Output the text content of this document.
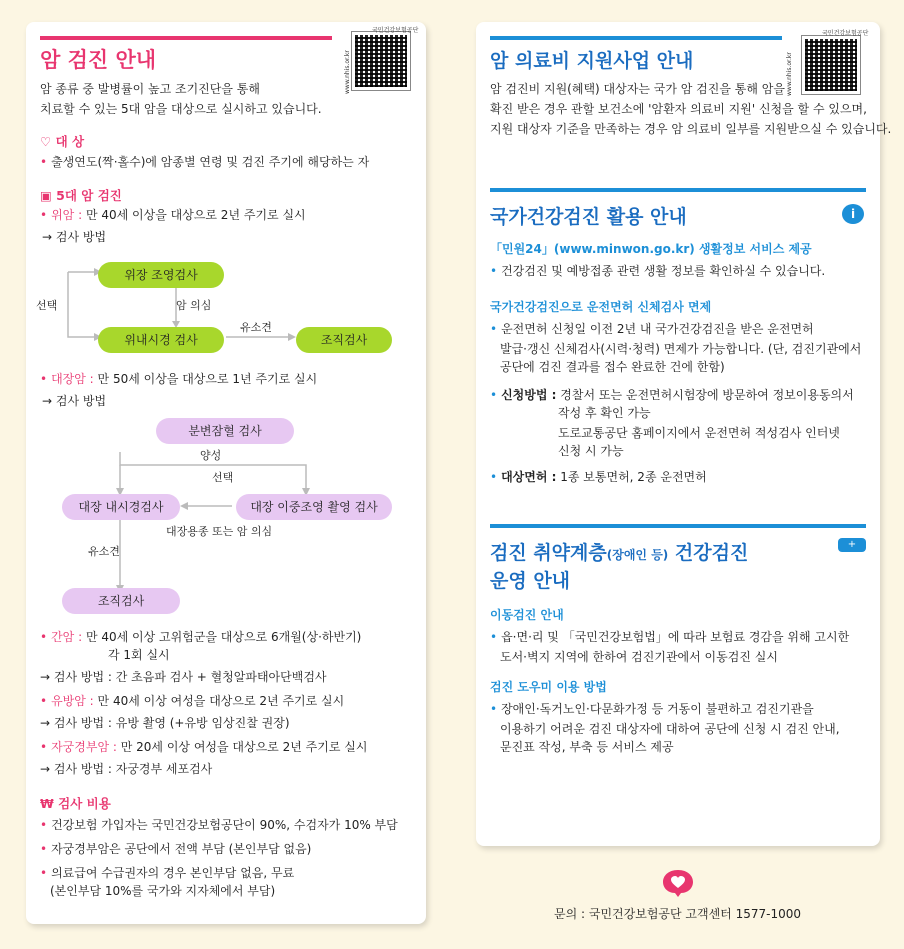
암 검진 안내
국민건강보험공단
www.nhis.or.kr
암 종류 중 발병률이 높고 조기진단을 통해
치료할 수 있는 5대 암을 대상으로 실시하고 있습니다.
♡ 대 상
• 출생연도(짝·홀수)에 암종별 연령 및 검진 주기에 해당하는 자
▣ 5대 암 검진
• 위암 : 만 40세 이상을 대상으로 2년 주기로 실시
→ 검사 방법
위장 조영검사
선택	암 의심
위내시경 검사
유소견
조직검사
• 대장암 : 만 50세 이상을 대상으로 1년 주기로 실시
→ 검사 방법
분변잠혈 검사
양성
선택
대장 내시경검사	대장 이중조영 촬영 검사
대장용종 또는 암 의심
유소견
조직검사
• 간암 : 만 40세 이상 고위험군을 대상으로 6개월(상·하반기)
각 1회 실시
→ 검사 방법 : 간 초음파 검사 + 혈청알파태아단백검사
• 유방암 : 만 40세 이상 여성을 대상으로 2년 주기로 실시
→ 검사 방법 : 유방 촬영 (+유방 임상진찰 권장)
• 자궁경부암 : 만 20세 이상 여성을 대상으로 2년 주기로 실시
→ 검사 방법 : 자궁경부 세포검사
₩ 검사 비용
• 건강보험 가입자는 국민건강보험공단이 90%, 수검자가 10% 부담
• 자궁경부암은 공단에서 전액 부담 (본인부담 없음)
• 의료급여 수급권자의 경우 본인부담 없음, 무료
(본인부담 10%를 국가와 지자체에서 부담)
암 의료비 지원사업 안내
국민건강보험공단
www.nhis.or.kr
암 검진비 지원(혜택) 대상자는 국가 암 검진을 통해 암을
확진 받은 경우 관할 보건소에 '암환자 의료비 지원' 신청을 할 수 있으며,
지원 대상자 기준을 만족하는 경우 암 의료비 일부를 지원받으실 수 있습니다.
국가건강검진 활용 안내	i
「민원24」(www.minwon.go.kr) 생활정보 서비스 제공
• 건강검진 및 예방접종 관련 생활 정보를 확인하실 수 있습니다.
국가건강검진으로 운전면허 신체검사 면제
• 운전면허 신청일 이전 2년 내 국가건강검진을 받은 운전면허
발급·갱신 신체검사(시력·청력) 면제가 가능합니다. (단, 검진기관에서
공단에 검진 결과를 접수 완료한 건에 한함)
• 신청방법 : 경찰서 또는 운전면허시험장에 방문하여 정보이용동의서
작성 후 확인 가능
도로교통공단 홈페이지에서 운전면허 적성검사 인터넷
신청 시 가능
• 대상면허 : 1종 보통면허, 2종 운전면허
검진 취약계층(장애인 등) 건강검진
운영 안내
+
이동검진 안내
• 읍·면·리 및 「국민건강보험법」에 따라 보험료 경감을 위해 고시한
도서·벽지 지역에 한하여 검진기관에서 이동검진 실시
검진 도우미 이용 방법
• 장애인·독거노인·다문화가정 등 거동이 불편하고 검진기관을
이용하기 어려운 검진 대상자에 대하여 공단에 신청 시 검진 안내,
문진표 작성, 부축 등 서비스 제공
문의 : 국민건강보험공단 고객센터 1577-1000
